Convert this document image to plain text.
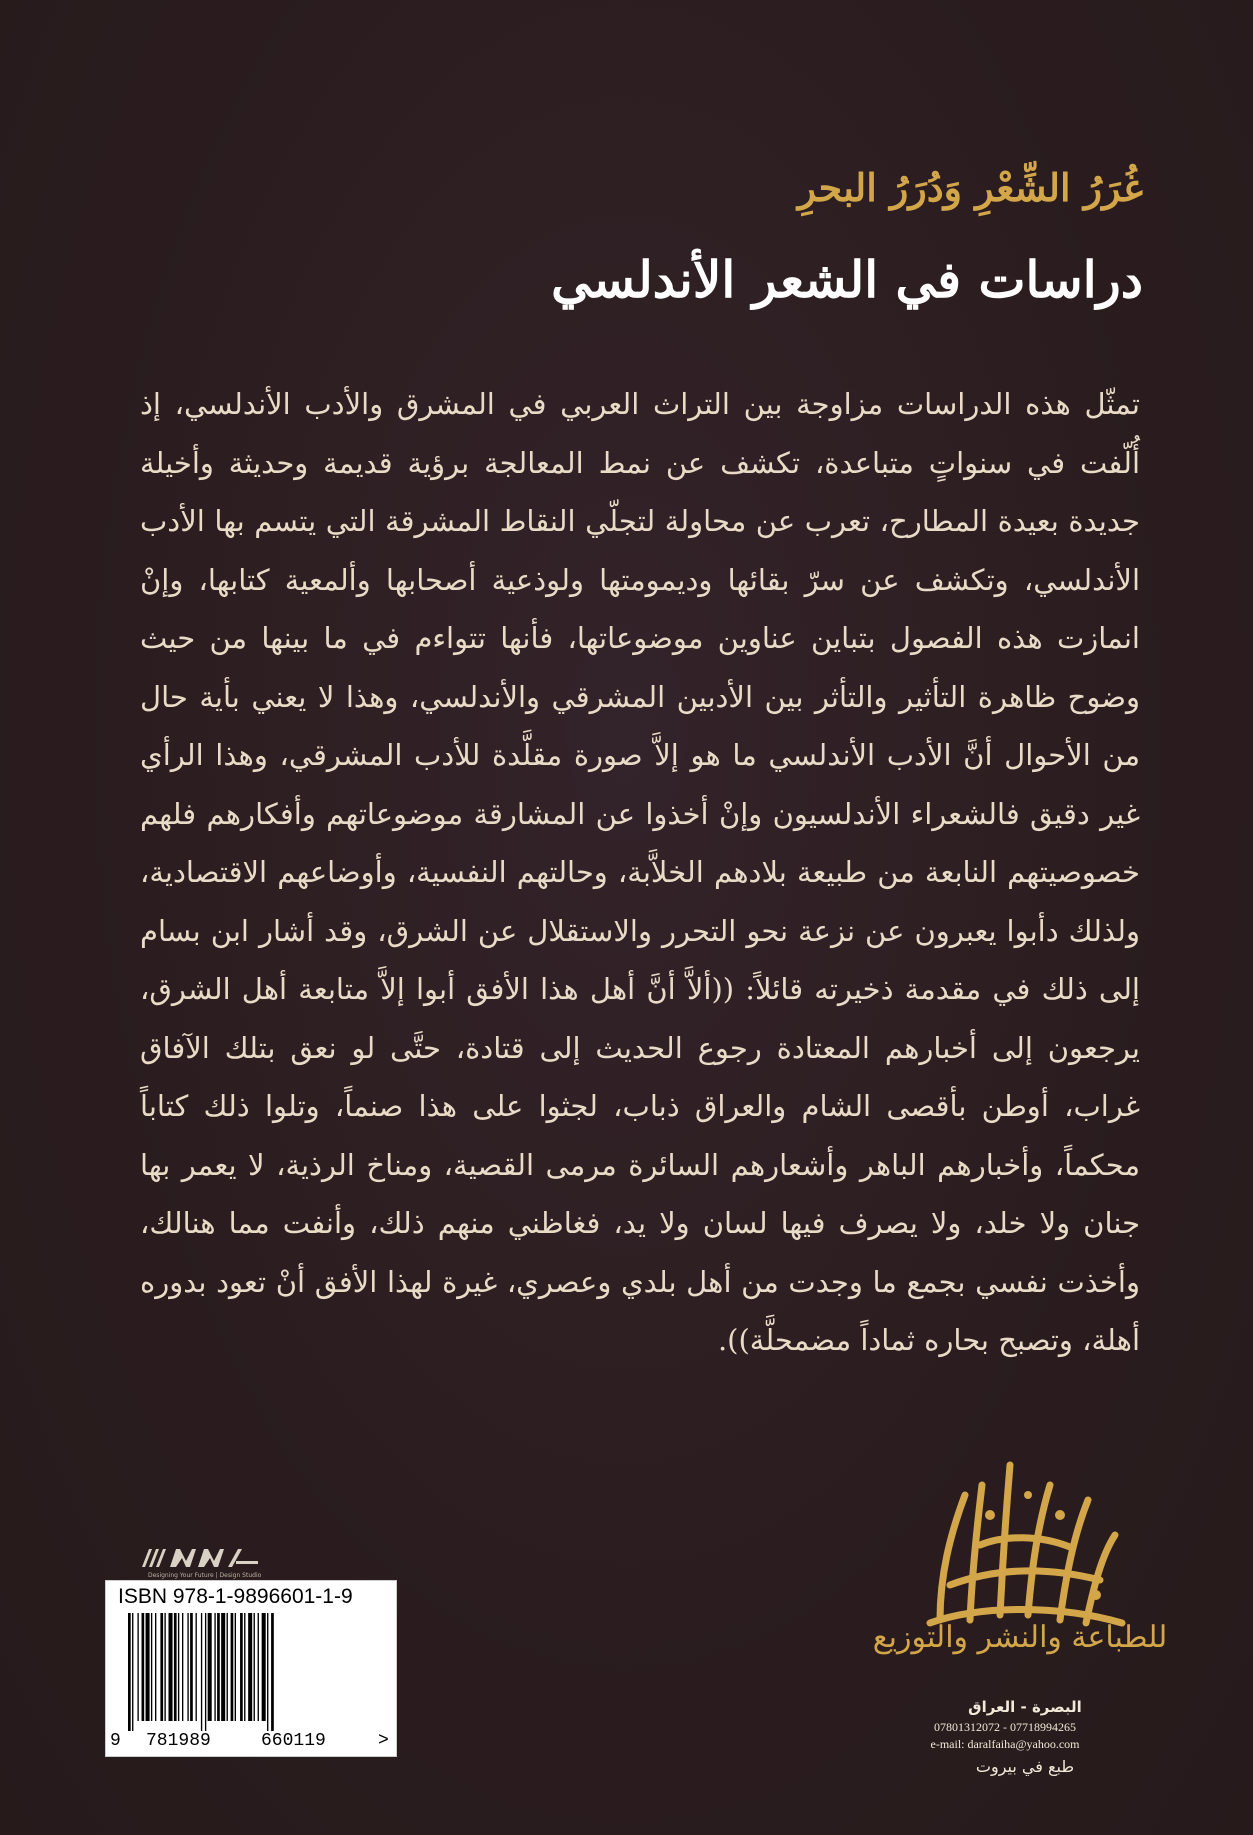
غُرَرُ الشِّعْرِ وَدُرَرُ البحرِ
دراسات في الشعر الأندلسي

تمثّل هذه الدراسات مزاوجة بين التراث العربي في المشرق والأدب الأندلسي، إذ أُلّفت في سنواتٍ متباعدة، تكشف عن نمط المعالجة برؤية قديمة وحديثة وأخيلة جديدة بعيدة المطارح، تعرب عن محاولة لتجلّي النقاط المشرقة التي يتسم بها الأدب الأندلسي، وتكشف عن سرّ بقائها وديمومتها ولوذعية أصحابها وألمعية كتابها، وإنْ انمازت هذه الفصول بتباين عناوين موضوعاتها، فأنها تتواءم في ما بينها من حيث وضوح ظاهرة التأثير والتأثر بين الأدبين المشرقي والأندلسي، وهذا لا يعني بأية حال من الأحوال أنَّ الأدب الأندلسي ما هو إلاَّ صورة مقلَّدة للأدب المشرقي، وهذا الرأي غير دقيق فالشعراء الأندلسيون وإنْ أخذوا عن المشارقة موضوعاتهم وأفكارهم فلهم خصوصيتهم النابعة من طبيعة بلادهم الخلاَّبة، وحالتهم النفسية، وأوضاعهم الاقتصادية، ولذلك دأبوا يعبرون عن نزعة نحو التحرر والاستقلال عن الشرق، وقد أشار ابن بسام إلى ذلك في مقدمة ذخيرته قائلاً: ((ألاَّ أنَّ أهل هذا الأفق أبوا إلاَّ متابعة أهل الشرق، يرجعون إلى أخبارهم المعتادة رجوع الحديث إلى قتادة، حتَّى لو نعق بتلك الآفاق غراب، أوطن بأقصى الشام والعراق ذباب، لجثوا على هذا صنماً، وتلوا ذلك كتاباً محكماً، وأخبارهم الباهر وأشعارهم السائرة مرمى القصية، ومناخ الرذية، لا يعمر بها جنان ولا خلد، ولا يصرف فيها لسان ولا يد، فغاظني منهم ذلك، وأنفت مما هنالك، وأخذت نفسي بجمع ما وجدت من أهل بلدي وعصري، غيرة لهذا الأفق أنْ تعود بدوره أهلة، وتصبح بحاره ثماداً مضمحلَّة)).

Designing Your Future | Design Studio
ISBN 978-1-9896601-1-9
9 781989	660119	>
للطباعة والنشر والتوزيع
البصرة - العراق
07801312072 - 07718994265
e-mail: daralfaiha@yahoo.com
طبع في بيروت
